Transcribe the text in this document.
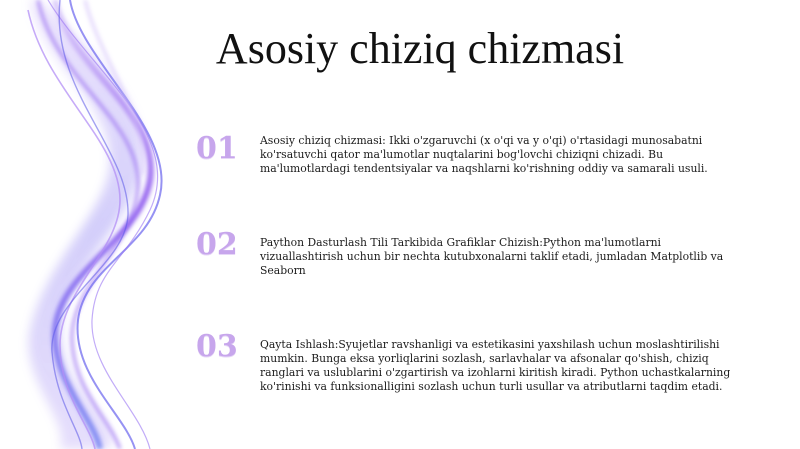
Asosiy chiziq chizmasi
01	Asosiy chiziq chizmasi: Ikki o'zgaruvchi (x o'qi va y o'qi) o'rtasidagi munosabatni ko'rsatuvchi qator ma'lumotlar nuqtalarini bog'lovchi chiziqni chizadi. Bu ma'lumotlardagi tendentsiyalar va naqshlarni ko'rishning oddiy va samarali usuli.
02	Paython Dasturlash Tili Tarkibida Grafiklar Chizish:Python ma'lumotlarni vizuallashtirish uchun bir nechta kutubxonalarni taklif etadi, jumladan Matplotlib va Seaborn
03	Qayta Ishlash:Syujetlar ravshanligi va estetikasini yaxshilash uchun moslashtirilishi mumkin. Bunga eksa yorliqlarini sozlash, sarlavhalar va afsonalar qo'shish, chiziq ranglari va uslublarini o'zgartirish va izohlarni kiritish kiradi. Python uchastkalarning ko'rinishi va funksionalligini sozlash uchun turli usullar va atributlarni taqdim etadi.
